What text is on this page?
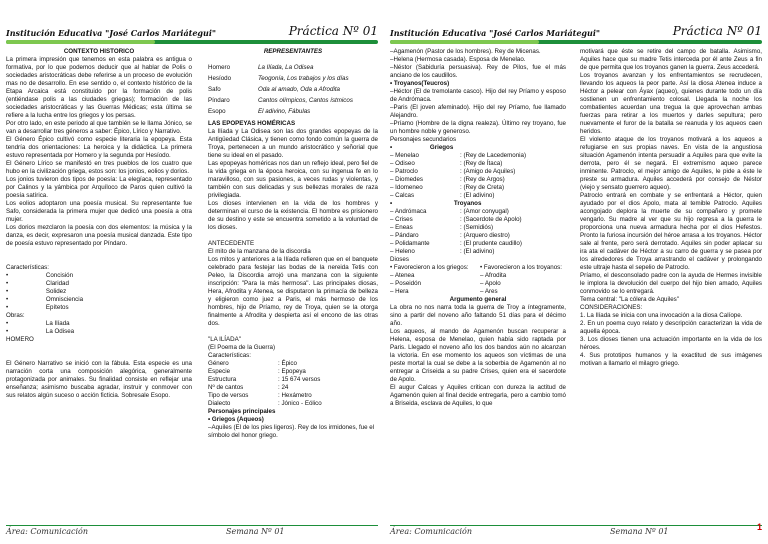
Institución Educativa "José Carlos Mariátegui"	Práctica Nº 01

CONTEXTO HISTÓRICO

La primera impresión que tenemos en esta palabra es antigua o formativa, por lo que podemos deducir que al hablar de Polis o sociedades aristocráticas debe referirse a un proceso de evolución mas no de desarrollo. En ese sentido o, el contexto histórico de la Etapa Arcaica está constituido por la formación de polis (entiéndase polis a las ciudades griegas); formación de las sociedades aristocráticas y las Guerras Médicas; esta última se refiere a la lucha entre los griegos y los persas.

Por otro lado, en este periodo al que también se le llama Jónico, se van a desarrollar tres géneros a saber: Épico, Lírico y Narrativo.

El Género Épico cultivó como especie literaria la epopeya. Esta tendría dos orientaciones: La heroica y la didáctica. La primera estuvo representada por Homero y la segunda por Hesíodo.

El Género Lírico se manifestó en tres pueblos de los cuatro que hubo en la civilización griega, estos son: los jonios, eolios y dorios.

Los jonios tuvieron dos tipos de poesía: La elegíaca, representado por Calinos y la yámbica por Arquíloco de Paros quien cultivó la poesía satírica.

Los eolios adoptaron una poesía musical. Su representante fue Safo, considerada la primera mujer que dedicó una poesía a otra mujer.

Los dorios mezclaron la poesía con dos elementos: la música y la danza, es decir, expresaron una poesía musical danzada. Este tipo de poesía estuvo representado por Píndaro.

Características:

•	Concisión

•	Claridad

•	Solidez

•	Omnisciencia

•	Epítetos

Obras:

•	La Ilíada

•	La Odisea

HOMERO

El Género Narrativo se inició con la fábula. Esta especie es una narración corta una composición alegórica, generalmente protagonizada por animales. Su finalidad consiste en reflejar una enseñanza; asimismo buscaba agradar, instruir y conmover con sus relatos algún suceso o acción ficticia. Sobresale Esopo.

REPRESENTANTES

Homero	La Ilíada, La Odisea
Hesíodo	Teogonía, Los trabajos y los días
Safo	Oda al amado, Oda a Afrodita
Píndaro	Cantos olímpicos, Cantos ístmicos
Esopo	El adivino, Fábulas

LAS EPOPEYAS HOMÉRICAS

La Ilíada y La Odisea son las dos grandes epopeyas de la Antigüedad Clásica, y tienen como fondo común la guerra de Troya, pertenecen a un mundo aristocrático y señorial que tiene su ideal en el pasado.

Las epopeyas homéricas nos dan un reflejo ideal, pero fiel de la vida griega en la época heroica, con su ingenua fe en lo maravilloso, con sus pasiones, a veces rudas y violentas, y también con sus delicadas y sus bellezas morales de raza privilegiada.

Los dioses intervienen en la vida de los hombres y determinan el curso de la existencia. El hombre es prisionero de su destino y este se encuentra sometido a la voluntad de los dioses.

ANTECEDENTE

El mito de la manzana de la discordia

Los mitos y anteriores a la Ilíada refieren que en el banquete celebrado para festejar las bodas de la nereida Tetis con Peleo, la Discordia arrojó una manzana con la siguiente inscripción: "Para la más hermosa". Las principales diosas, Hera, Afrodita y Atenea, se disputaron la primacía de belleza y eligieron como juez a Paris, el más hermoso de los hombres, hijo de Príamo, rey de Troya, quien se la otorga finalmente a Afrodita y despierta así el encono de las otras dos.

"LA ILÍADA"

(El Poema de la Guerra)

Características:

Género	: Épico
Especie	: Epopeya
Estructura	: 15 674 versos
Nº de cantos	: 24
Tipo de versos	: Hexámetro
Dialecto	: Jónico - Eólico

Personajes principales

• Griegos (Aqueos)

–Aquiles (El de los pies ligeros). Rey de los irmidones, fue el símbolo del honor griego.

Área: Comunicación	Semana Nº 01
Institución Educativa "José Carlos Mariátegui"	Práctica Nº 01

–Agamenón (Pastor de los hombres). Rey de Micenas.

–Helena (Hermosa casada). Esposa de Menelao.

–Néstor (Sabiduría persuasiva). Rey de Pilos, fue el más anciano de los caudillos.

• Troyanos(Teucros)

–Héctor (El de tremolante casco). Hijo del rey Príamo y esposo de Andrómaca.

–Paris (El joven afeminado). Hijo del rey Príamo, fue llamado Alejandro.

–Príamo (Hombre de la digna realeza). Último rey troyano, fue un hombre noble y generoso.

Personajes secundarios

•	Griegos

– Menelao	: (Rey de Lacedemonia)
– Odiseo	: (Rey de Ítaca)
– Patroclo	: (Amigo de Aquiles)
– Diomedes	: (Rey de Argos)
– Idomeneo	: (Rey de Creta)
– Calcas	: (El adivino)

•	Troyanos

– Andrómaca	: (Amor conyugal)
– Crises	: (Sacerdote de Apolo)
– Eneas	: (Semidiós)
– Pándaro	: (Arquero diestro)
– Polidamante	: (El prudente caudillo)
– Heleno	: (El adivino)

Dioses

• Favorecieron a los griegos:	• Favorecieron a los troyanos:
– Atenea	– Afrodita
– Poseidón	– Apolo
– Hera	– Ares

Argumento general

La obra no nos narra toda la guerra de Troy a íntegramente, sino a partir del noveno año faltando 51 días para el décimo año.

Los aqueos, al mando de Agamenón buscan recuperar a Helena, esposa de Menelao, quien había sido raptada por Paris. Llegado el noveno año los dos bandos aún no alcanzan la victoria. En ese momento los aqueos son víctimas de una peste mortal la cual se debe a la soberbia de Agamenón al no entregar a Criseida a su padre Crises, quien era el sacerdote de Apolo.

El augur Calcas y Aquiles critican con dureza la actitud de Agamenón quien al final decide entregarla, pero a cambio tomó a Briseida, esclava de Aquiles, lo que

motivará que éste se retire del campo de batalla. Asimismo, Aquiles hace que su madre Tetis interceda por él ante Zeus a fin de que permita que los troyanos ganen la guerra. Zeus accederá.

Los troyanos avanzan y los enfrentamientos se recrudecen, llevando los aqueos la peor parte. Así la diosa Atenea induce a Héctor a pelear con Áyax (aqueo), quienes durante todo un día sostienen un enfrentamiento colosal. Llegada la noche los combatientes acuerdan una tregua la que aprovechan ambas fuerzas para retirar a los muertos y darles sepultura; pero nuevamente el furor de la batalla se reanuda y los aqueos caen heridos.

El violento ataque de los troyanos motivará a los aqueos a refugiarse en sus propias naves. En vista de la angustiosa situación Agamenón intenta persuadir a Aquiles para que evite la derrota, pero él se negará. El extremismo aqueo parece inminente. Patroclo, el mejor amigo de Aquiles, le pide a éste le preste su armadura. Aquiles accederá por consejo de Néstor (viejo y sensato guerrero aqueo).

Patroclo entrará en combate y se enfrentará a Héctor, quien ayudado por el dios Apolo, mata al temible Patroclo. Aquiles acongojado deplora la muerte de su compañero y promete vengarlo. Su madre al ver que su hijo regresa a la guerra le proporciona una nueva armadura hecha por el dios Hefestos. Pronto la furiosa incursión del héroe arrasa a los troyanos. Héctor sale al frente, pero será derrotado. Aquiles sin poder aplacar su ira ata el cadáver de Héctor a su carro de guerra y se pasea por los alrededores de Troya arrastrando el cadáver y prolongando este ultraje hasta el sepelio de Patroclo.

Príamo, el desconsolado padre con la ayuda de Hermes invisible le implora la devolución del cuerpo del hijo bien amado, Aquiles conmovido se lo entregará.

Tema central: "La cólera de Aquiles"

CONSIDERACIONES:

1. La Ilíada se inicia con una invocación a la diosa Calíope.

2. En un poema cuyo relato y descripción caracterizan la vida de aquella época.

3. Los dioses tienen una actuación importante en la vida de los héroes.

4. Sus prototipos humanos y la exactitud de sus imágenes motivan a llamarlo el milagro griego.

Área: Comunicación	Semana Nº 01	1
